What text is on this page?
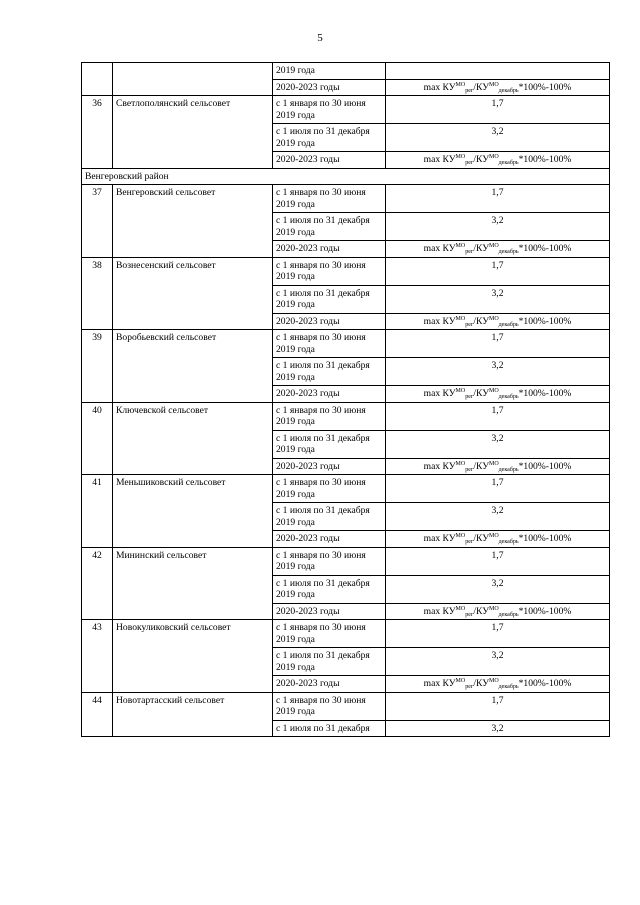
5
		2019 года	
		2020-2023 годы	$\max КУ^{МО}_{рег}/КУ^{МО}_{декабрь}*100\%-100\%$
36	Светлополянский сельсовет	с 1 января по 30 июня 2019 года	1,7
		с 1 июля по 31 декабря 2019 года	3,2
		2020-2023 годы	$\max КУ^{МО}_{рег}/КУ^{МО}_{декабрь}*100\%-100\%$
Венгеровский район			
37	Венгеровский сельсовет	с 1 января по 30 июня 2019 года	1,7
		с 1 июля по 31 декабря 2019 года	3,2
		2020-2023 годы	$\max КУ^{МО}_{рег}/КУ^{МО}_{декабрь}*100\%-100\%$
38	Вознесенский сельсовет	с 1 января по 30 июня 2019 года	1,7
		с 1 июля по 31 декабря 2019 года	3,2
		2020-2023 годы	$\max КУ^{МО}_{рег}/КУ^{МО}_{декабрь}*100\%-100\%$
39	Воробьевский сельсовет	с 1 января по 30 июня 2019 года	1,7
		с 1 июля по 31 декабря 2019 года	3,2
		2020-2023 годы	$\max КУ^{МО}_{рег}/КУ^{МО}_{декабрь}*100\%-100\%$
40	Ключевской сельсовет	с 1 января по 30 июня 2019 года	1,7
		с 1 июля по 31 декабря 2019 года	3,2
		2020-2023 годы	$\max КУ^{МО}_{рег}/КУ^{МО}_{декабрь}*100\%-100\%$
41	Меньшиковский сельсовет	с 1 января по 30 июня 2019 года	1,7
		с 1 июля по 31 декабря 2019 года	3,2
		2020-2023 годы	$\max КУ^{МО}_{рег}/КУ^{МО}_{декабрь}*100\%-100\%$
42	Мининский сельсовет	с 1 января по 30 июня 2019 года	1,7
		с 1 июля по 31 декабря 2019 года	3,2
		2020-2023 годы	$\max КУ^{МО}_{рег}/КУ^{МО}_{декабрь}*100\%-100\%$
43	Новокуликовский сельсовет	с 1 января по 30 июня 2019 года	1,7
		с 1 июля по 31 декабря 2019 года	3,2
		2020-2023 годы	$\max КУ^{МО}_{рег}/КУ^{МО}_{декабрь}*100\%-100\%$
44	Новотартасский сельсовет	с 1 января по 30 июня 2019 года	1,7
		с 1 июля по 31 декабря	3,2
